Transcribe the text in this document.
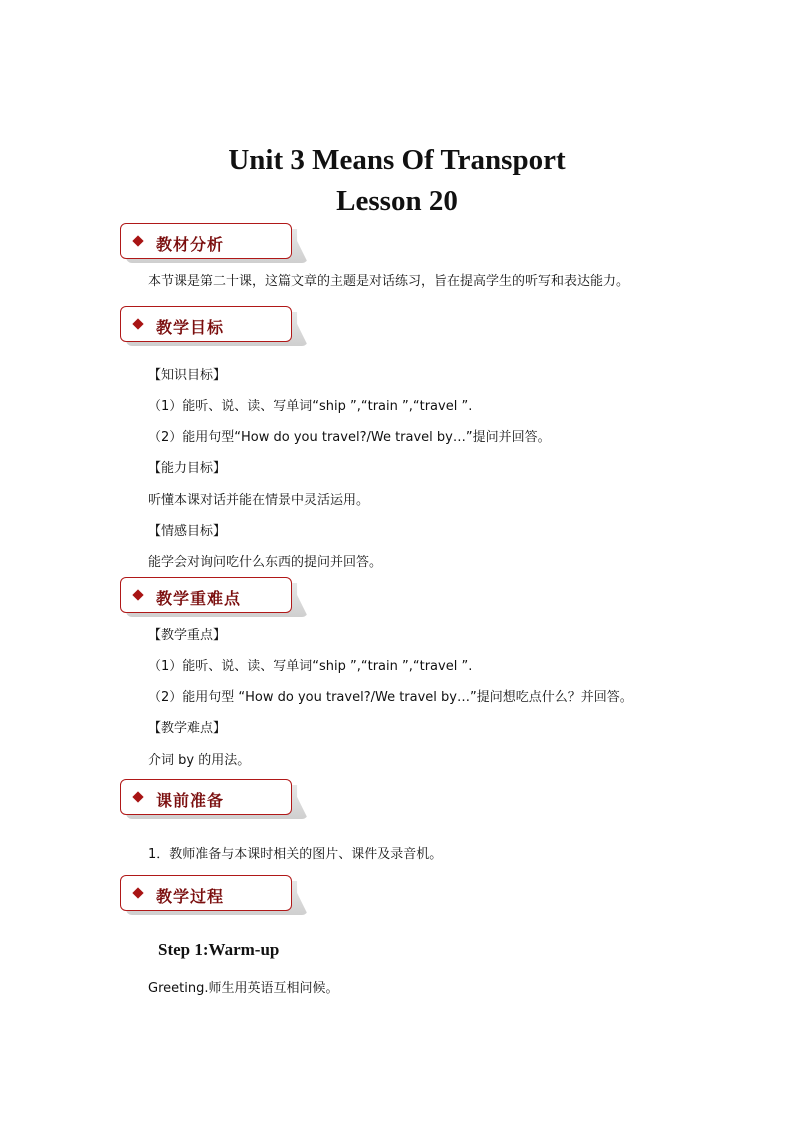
Unit 3 Means Of Transport
Lesson 20
教材分析
本节课是第二十课，这篇文章的主题是对话练习，旨在提高学生的听写和表达能力。
教学目标
【知识目标】
（1）能听、说、读、写单词“ship ”,“train ”,“travel ”.
（2）能用句型“How do you travel?/We travel by…”提问并回答。
【能力目标】
听懂本课对话并能在情景中灵活运用。
【情感目标】
能学会对询问吃什么东西的提问并回答。
教学重难点
【教学重点】
（1）能听、说、读、写单词“ship ”,“train ”,“travel ”.
（2）能用句型 “How do you travel?/We travel by…”提问想吃点什么？并回答。
【教学难点】
介词 by 的用法。
课前准备
1．教师准备与本课时相关的图片、课件及录音机。
教学过程
Step 1:Warm-up
Greeting.师生用英语互相问候。
